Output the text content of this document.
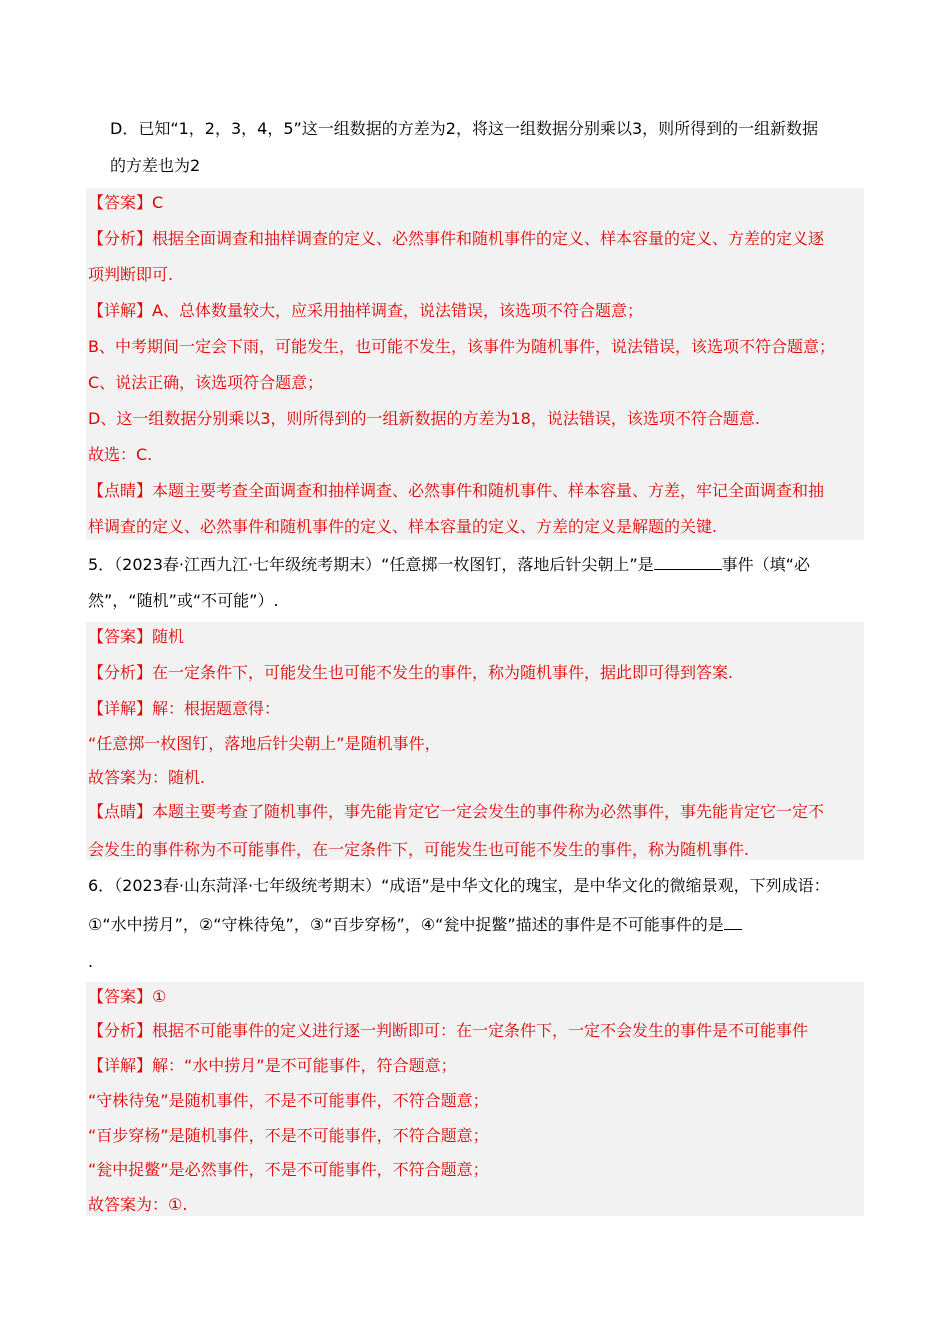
D．已知“1，2，3，4，5”这一组数据的方差为2，将这一组数据分别乘以3，则所得到的一组新数据
的方差也为2
【答案】C
【分析】根据全面调查和抽样调查的定义、必然事件和随机事件的定义、样本容量的定义、方差的定义逐
项判断即可.
【详解】A、总体数量较大，应采用抽样调查，说法错误，该选项不符合题意；
B、中考期间一定会下雨，可能发生，也可能不发生，该事件为随机事件，说法错误，该选项不符合题意；
C、说法正确，该选项符合题意；
D、这一组数据分别乘以3，则所得到的一组新数据的方差为18，说法错误，该选项不符合题意.
故选：C.
【点睛】本题主要考查全面调查和抽样调查、必然事件和随机事件、样本容量、方差，牢记全面调查和抽
样调查的定义、必然事件和随机事件的定义、样本容量的定义、方差的定义是解题的关键.
5．（2023春·江西九江·七年级统考期末）“任意掷一枚图钉，落地后针尖朝上”是	事件（填“必
然”，“随机”或“不可能”）.
【答案】随机
【分析】在一定条件下，可能发生也可能不发生的事件，称为随机事件，据此即可得到答案.
【详解】解：根据题意得：
“任意掷一枚图钉，落地后针尖朝上”是随机事件，
故答案为：随机.
【点睛】本题主要考查了随机事件，事先能肯定它一定会发生的事件称为必然事件，事先能肯定它一定不
会发生的事件称为不可能事件，在一定条件下，可能发生也可能不发生的事件，称为随机事件.
6．（2023春·山东菏泽·七年级统考期末）“成语”是中华文化的瑰宝，是中华文化的微缩景观，下列成语：
①“水中捞月”，②“守株待兔”，③“百步穿杨”，④“瓮中捉鳖”描述的事件是不可能事件的是
.
【答案】①
【分析】根据不可能事件的定义进行逐一判断即可：在一定条件下，一定不会发生的事件是不可能事件
【详解】解：“水中捞月”是不可能事件，符合题意；
“守株待兔”是随机事件，不是不可能事件，不符合题意；
“百步穿杨”是随机事件，不是不可能事件，不符合题意；
“瓮中捉鳖”是必然事件，不是不可能事件，不符合题意；
故答案为：①.
